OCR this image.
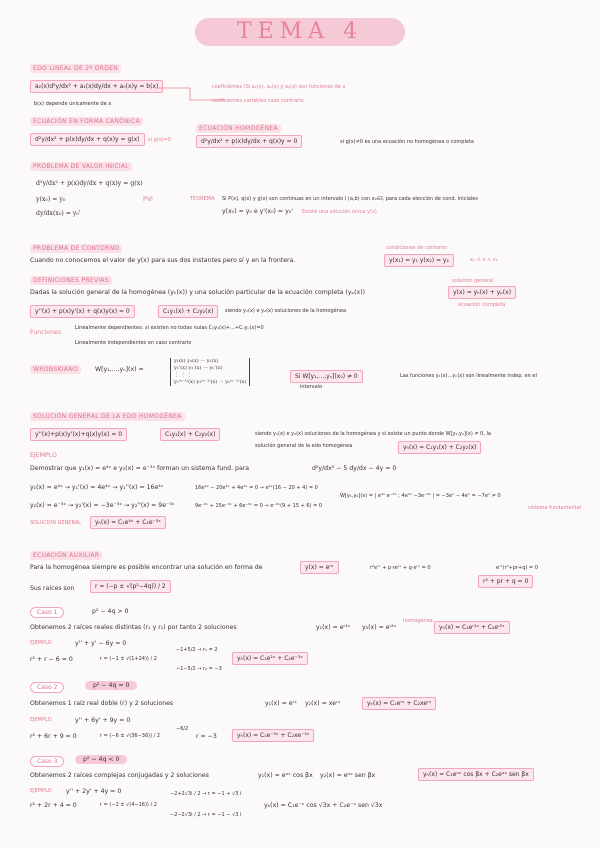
TEMA 4
EDO LINEAL DE 2º ORDEN
a₂(x)d²y/dx² + a₁(x)dy/dx + a₀(x)y = b(x)	coeficientes (Si a₂(x), a₁(x) y a₀(x) son funciones de x
coeficientes variables caso contrario
b(x) depende únicamente de x
ECUACIÓN EN FORMA CANÓNICA
d²y/dx² + p(x)dy/dx + q(x)y = g(x)	si g(x)=0
ECUACIÓN HOMOGÉNEA
d²y/dx² + p(x)dy/dx + q(x)y = 0	si g(x)≠0 es una ecuación no homogénea o completa
PROBLEMA DE VALOR INICIAL
d²y/dx² + p(x)dy/dx + q(x)y = g(x)
y(x₀) = y₀
dy/dx(x₀) = y₀'
PVI	TEOREMA Si P(x), q(x) y g(x) son continuas en un intervalo I (a,b) con x₀∈I, para cada elección de cond. iniciales
y(x₀) = y₀ e y'(x₀) = y₀' Existe una solución única y(x)
PROBLEMA DE CONTORNO
Cuando no conocemos el valor de y(x) para sus dos instantes pero sí y en la frontera.
condiciones de contorno
y(x₁) = y₁ y(x₂) = y₂	x₁ < x < x₂
DEFINICIONES PREVIAS
Dadas la solución general de la homogénea (yₕ(x)) y una solución particular de la ecuación completa (yₚ(x))
solución general
y(x) = yₕ(x) + yₚ(x)
ecuación completa
y''(x) + p(x)y'(x) + q(x)y(x) = 0	C₁y₁(x) + C₂y₂(x)	siendo y₁(x) e y₂(x) soluciones de la homogénea
Funciones
Linealmente dependientes: si existen no todas nulas C₁y₁(x)+...+Cₙyₙ(x)=0
Linealmente independientes en caso contrario
WRONSKIANO	W[y₁,...,yₙ](x) =
y₁(x) y₂(x) ··· yₙ(x)
y₁'(x) y₂'(x) ··· yₙ'(x)
⋮ ⋮ ⋮
y₁⁽ⁿ⁻¹⁾(x) y₂⁽ⁿ⁻¹⁾(x) ··· yₙ⁽ⁿ⁻¹⁾(x)
Si W[y₁,...,yₙ](x₀) ≠ 0	Las funciones y₁(x)...yₙ(x) son linealmente indep. en el
intervalo
SOLUCIÓN GENERAL DE LA EDO HOMOGÉNEA
y''(x)+p(x)y'(x)+q(x)y(x) = 0	C₁y₁(x) + C₂y₂(x)	siendo y₁(x) e y₂(x) soluciones de la homogénea y si existe un punto donde W[y₁,y₂](x) ≠ 0, la
solución general de la edo homogénea	yₕ(x) = C₁y₁(x) + C₂y₂(x)
EJEMPLO
Demostrar que y₁(x) = e⁴ˣ e y₂(x) = e⁻³ˣ forman un sistema fund. para	d²y/dx² − 5 dy/dx − 4y = 0
y₁(x) = e⁴ˣ → y₁'(x) = 4e⁴ˣ → y₁''(x) = 16e⁴ˣ	16e⁴ˣ − 20e⁴ˣ + 4e⁴ˣ = 0 → e⁴ˣ(16 − 20 + 4) = 0
y₂(x) = e⁻³ˣ → y₂'(x) = −3e⁻³ˣ → y₂''(x) = 9e⁻³ˣ	9e⁻³ˣ + 15e⁻³ˣ + 6e⁻³ˣ = 0 → e⁻³ˣ(9 + 15 + 6) = 0
W[y₁,y₂](x) = | e⁴ˣ e⁻³ˣ ; 4e⁴ˣ −3e⁻³ˣ | = −3eˣ − 4eˣ = −7eˣ ≠ 0
sistema fundamental
SOLUCIÓN GENERAL	yₕ(x) = C₁e⁴ˣ + C₂e⁻³ˣ
ECUACIÓN AUXILIAR
Para la homogénea siempre es posible encontrar una solución en forma de	y(x) = eʳˣ	r²eʳˣ + p·reʳˣ + q·eʳˣ = 0	eʳˣ(r²+pr+q) = 0
r² + pr + q = 0
Sus raíces son	r = (−p ± √(p²−4q)) / 2
Caso 1	p² − 4q > 0
Obtenemos 2 raíces reales distintas (r₁ y r₂) por tanto 2 soluciones	y₁(x) = eʳ¹ˣ y₂(x) = eʳ²ˣ
homogénea
yₕ(x) = C₁eʳ¹ˣ + C₂eʳ²ˣ
EJEMPLO	y'' + y' − 6y = 0
r² + r − 6 = 0	r = (−1 ± √(1+24)) / 2
−1+5/2 → r₁ = 2
−1−5/2 → r₂ = −3
yₕ(x) = C₁e²ˣ + C₂e⁻³ˣ
Caso 2	p² − 4q = 0
Obtenemos 1 raíz real doble (r) y 2 soluciones	y₁(x) = eʳˣ y₂(x) = xeʳˣ	yₕ(x) = C₁eʳˣ + C₂xeʳˣ
EJEMPLO	y'' + 6y' + 9y = 0
r² + 6r + 9 = 0	r = (−6 ± √(36−36)) / 2
−6/2
r = −3	yₕ(x) = C₁e⁻³ˣ + C₂xe⁻³ˣ
Caso 3	p² − 4q < 0
Obtenemos 2 raíces complejas conjugadas y 2 soluciones	y₁(x) = eᵅˣ cos βx y₂(x) = eᵅˣ sen βx	yₕ(x) = C₁eᵅˣ cos βx + C₂eᵅˣ sen βx
EJEMPLO y'' + 2y' + 4y = 0
r² + 2r + 4 = 0	r = (−2 ± √(4−16)) / 2
−2+2√3i / 2 → r = −1 + √3 i
−2−2√3i / 2 → r = −1 − √3 i
yₕ(x) = C₁e⁻ˣ cos √3x + C₂e⁻ˣ sen √3x
